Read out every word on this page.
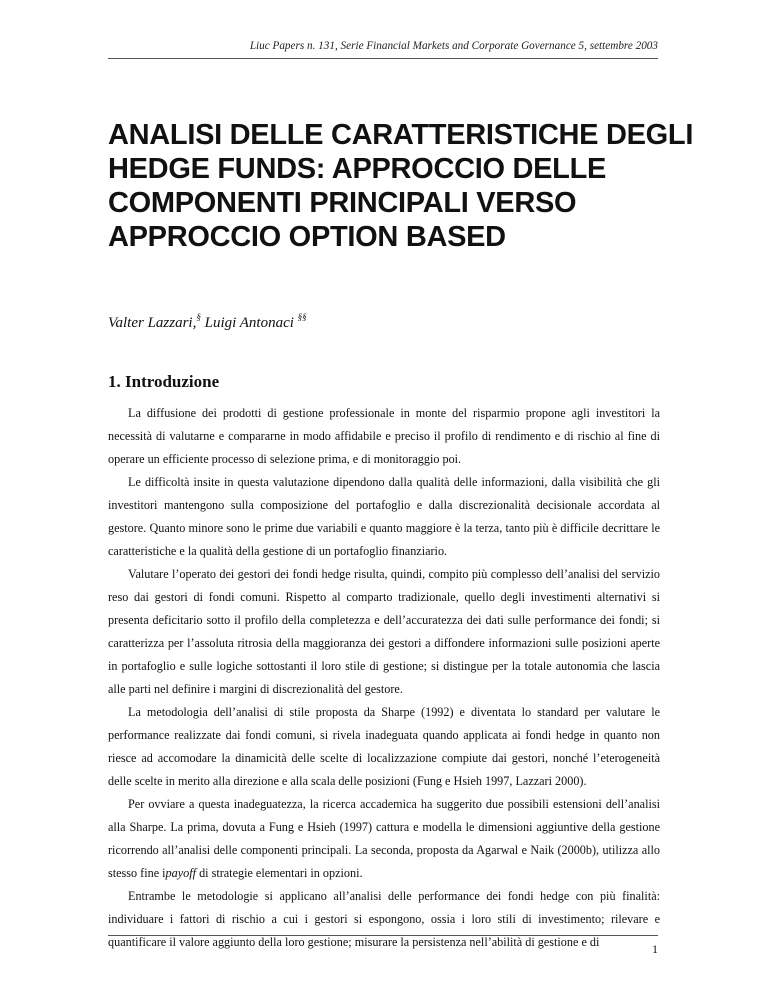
Liuc Papers n. 131, Serie Financial Markets and Corporate Governance 5, settembre 2003
ANALISI DELLE CARATTERISTICHE DEGLI
HEDGE FUNDS: APPROCCIO DELLE
COMPONENTI PRINCIPALI VERSO
APPROCCIO OPTION BASED
Valter Lazzari,§ Luigi Antonaci §§
1. Introduzione

La diffusione dei prodotti di gestione professionale in monte del risparmio propone agli investitori la necessità di valutarne e compararne in modo affidabile e preciso il profilo di rendimento e di rischio al fine di operare un efficiente processo di selezione prima, e di monitoraggio poi.

Le difficoltà insite in questa valutazione dipendono dalla qualità delle informazioni, dalla visibilità che gli investitori mantengono sulla composizione del portafoglio e dalla discrezionalità decisionale accordata al gestore. Quanto minore sono le prime due variabili e quanto maggiore è la terza, tanto più è difficile decrittare le caratteristiche e la qualità della gestione di un portafoglio finanziario.

Valutare l’operato dei gestori dei fondi hedge risulta, quindi, compito più complesso dell’analisi del servizio reso dai gestori di fondi comuni. Rispetto al comparto tradizionale, quello degli investimenti alternativi si presenta deficitario sotto il profilo della completezza e dell’accuratezza dei dati sulle performance dei fondi; si caratterizza per l’assoluta ritrosia della maggioranza dei gestori a diffondere informazioni sulle posizioni aperte in portafoglio e sulle logiche sottostanti il loro stile di gestione; si distingue per la totale autonomia che lascia alle parti nel definire i margini di discrezionalità del gestore.

La metodologia dell’analisi di stile proposta da Sharpe (1992) e diventata lo standard per valutare le performance realizzate dai fondi comuni, si rivela inadeguata quando applicata ai fondi hedge in quanto non riesce ad accomodare la dinamicità delle scelte di localizzazione compiute dai gestori, nonché l’eterogeneità delle scelte in merito alla direzione e alla scala delle posizioni (Fung e Hsieh 1997, Lazzari 2000).

Per ovviare a questa inadeguatezza, la ricerca accademica ha suggerito due possibili estensioni dell’analisi alla Sharpe. La prima, dovuta a Fung e Hsieh (1997) cattura e modella le dimensioni aggiuntive della gestione ricorrendo all’analisi delle componenti principali. La seconda, proposta da Agarwal e Naik (2000b), utilizza allo stesso fine ipayoff di strategie elementari in opzioni.

Entrambe le metodologie si applicano all’analisi delle performance dei fondi hedge con più finalità: individuare i fattori di rischio a cui i gestori si espongono, ossia i loro stili di investimento; rilevare e quantificare il valore aggiunto della loro gestione; misurare la persistenza nell’abilità di gestione e di	1
